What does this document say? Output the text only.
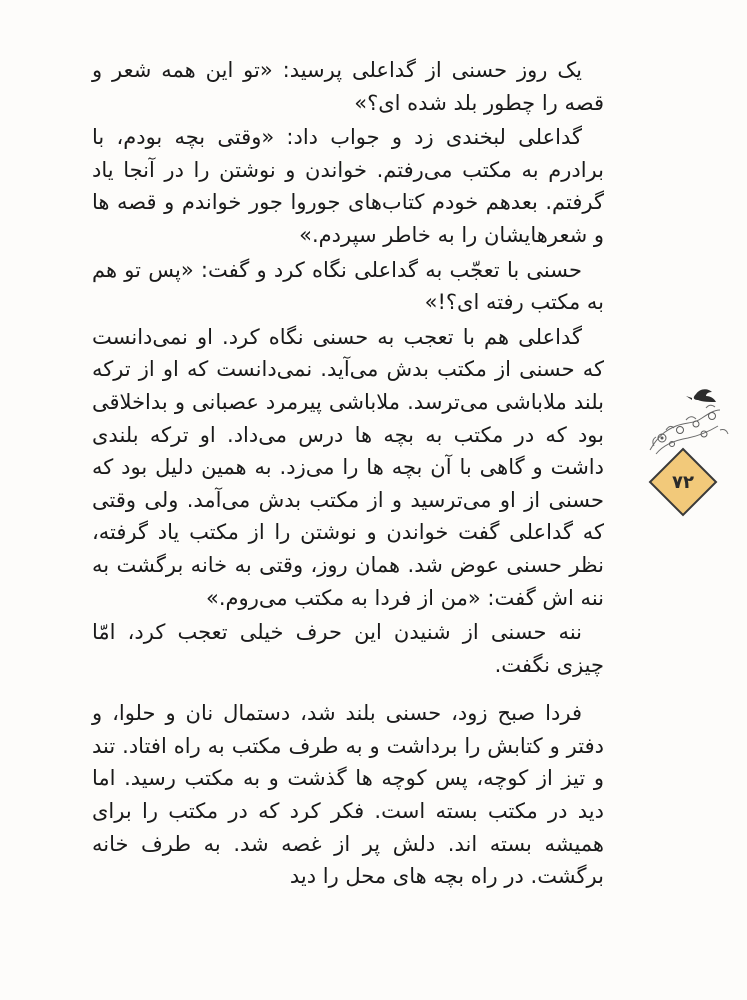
یک روز حسنی از گداعلی پرسید: «تو این همه شعر و قصه را چطور بلد شده ای؟»

گداعلی لبخندی زد و جواب داد: «وقتی بچه بودم، با برادرم به مکتب می‌رفتم. خواندن و نوشتن را در آنجا یاد گرفتم. بعدهم خودم کتاب‌های جوروا جور خواندم و قصه ها و شعرهایشان را به خاطر سپردم.»

حسنی با تعجّب به گداعلی نگاه کرد و گفت: «پس تو هم به مکتب رفته ای؟!»

گداعلی هم با تعجب به حسنی نگاه کرد. او نمی‌دانست که حسنی از مکتب بدش می‌آید. نمی‌دانست که او از ترکه بلند ملاباشی می‌ترسد. ملاباشی پیرمرد عصبانی و بداخلاقی بود که در مکتب به بچه ها درس می‌داد. او ترکه بلندی داشت و گاهی با آن بچه ها را می‌زد. به همین دلیل بود که حسنی از او می‌ترسید و از مکتب بدش می‌آمد. ولی وقتی که گداعلی گفت خواندن و نوشتن را از مکتب یاد گرفته، نظر حسنی عوض شد. همان روز، وقتی به خانه برگشت به ننه اش گفت: «من از فردا به مکتب می‌روم.»

ننه حسنی از شنیدن این حرف خیلی تعجب کرد، امّا چیزی نگفت.

فردا صبح زود، حسنی بلند شد، دستمال نان و حلوا، و دفتر و کتابش را برداشت و به طرف مکتب به راه افتاد. تند و تیز از کوچه، پس کوچه ها گذشت و به مکتب رسید. اما دید در مکتب بسته است. فکر کرد که در مکتب را برای همیشه بسته اند. دلش پر از غصه شد. به طرف خانه برگشت. در راه بچه های محل را دید

۷۲
